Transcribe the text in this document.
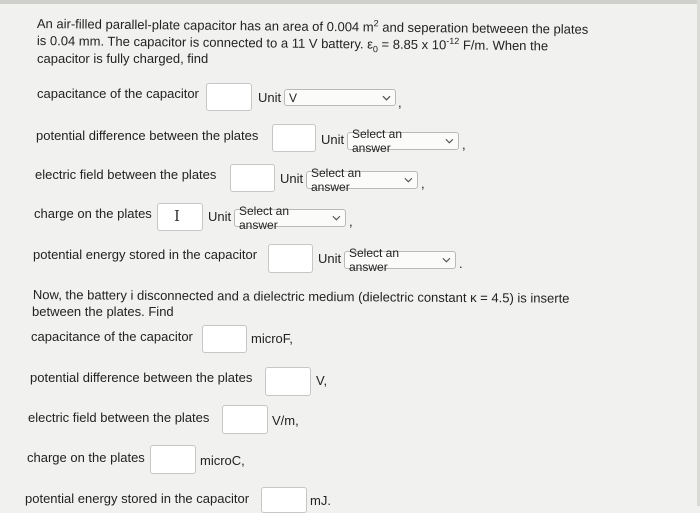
An air-filled parallel-plate capacitor has an area of 0.004 $m^2$ and seperation betweeen the plates
is 0.04 mm. The capacitor is connected to a 11 V battery. $\varepsilon_0 = 8.85$ x $10^{-12}$ F/m. When the
capacitor is fully charged, find
capacitance of the capacitor	Unit V	,
potential difference between the plates	Unit Select an answer	,
electric field between the plates	Unit Select an answer	,
charge on the plates I Unit Select an answer	,
potential energy stored in the capacitor	Unit Select an answer	.
Now, the battery i disconnected and a dielectric medium (dielectric constant κ = 4.5) is inserte
between the plates. Find
capacitance of the capacitor	microF,
potential difference between the plates	V,
electric field between the plates	V/m,
charge on the plates	microC,
potential energy stored in the capacitor	mJ.
